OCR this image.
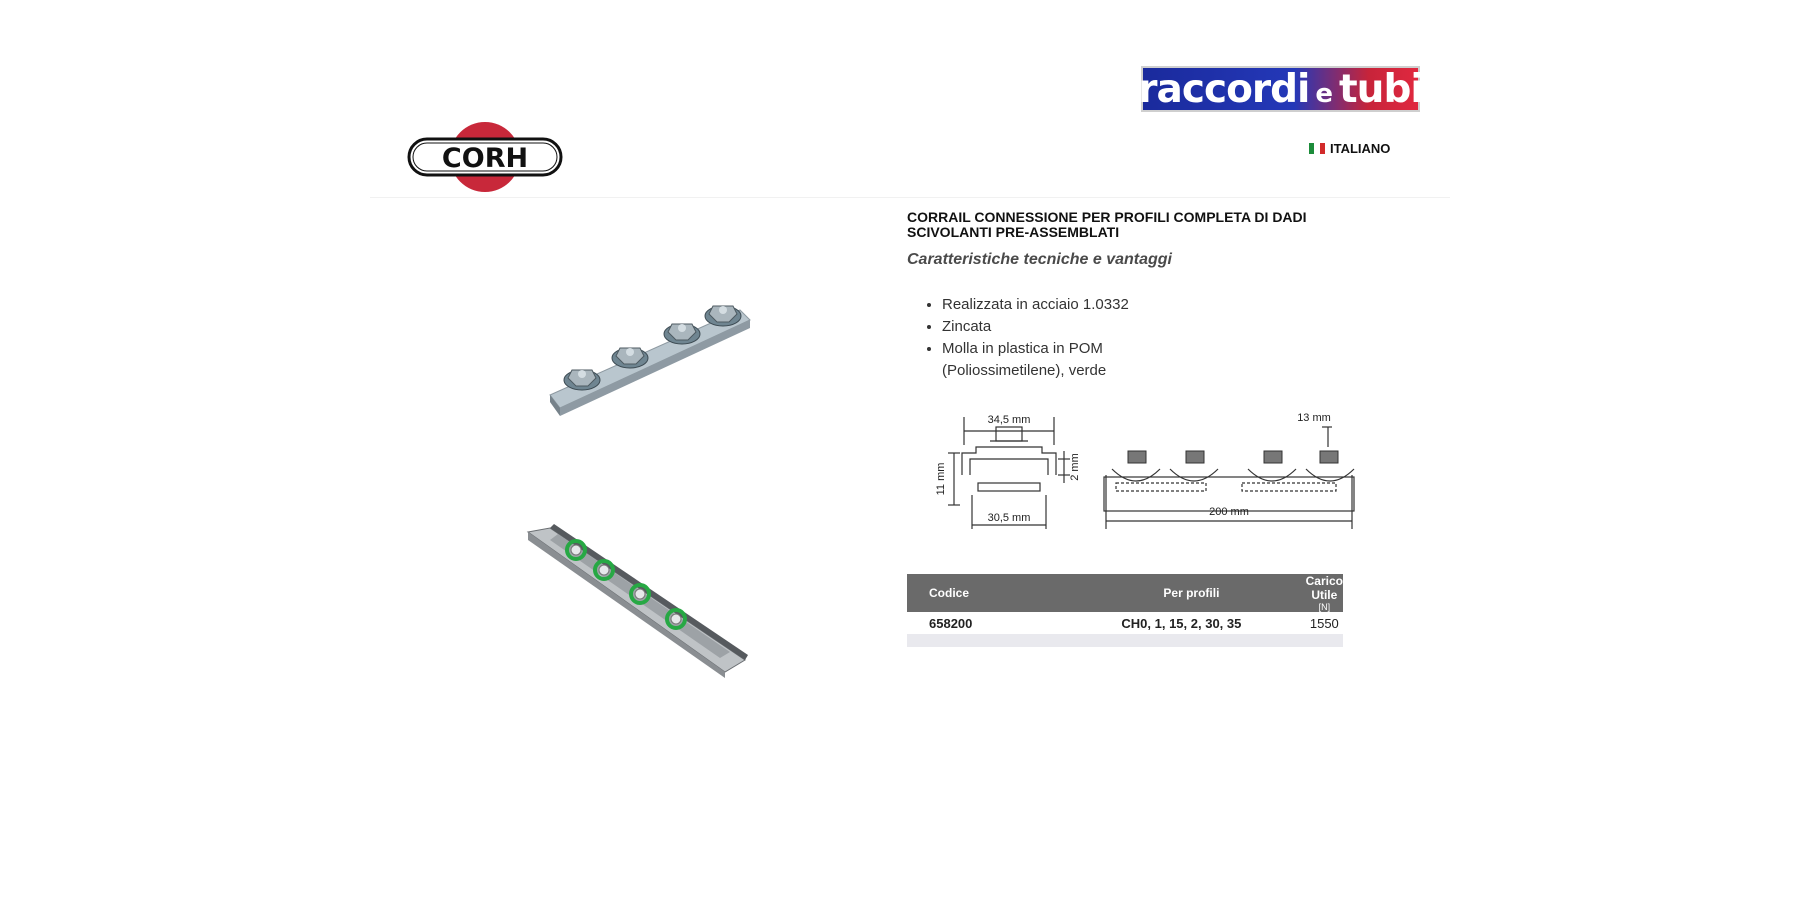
raccordi e tubi
CORH	ITALIANO
CORRAIL CONNESSIONE PER PROFILI COMPLETA DI DADI SCIVOLANTI PRE-ASSEMBLATI
Caratteristiche tecniche e vantaggi
• Realizzata in acciaio 1.0332
• Zincata
• Molla in plastica in POM (Poliossimetilene), verde
34,5 mm
30,5 mm
11 mm	2 mm
13 mm
200 mm
Codice	Per profili	Carico Utile
[N]

658200	CH0, 1, 15, 2, 30, 35	1550
